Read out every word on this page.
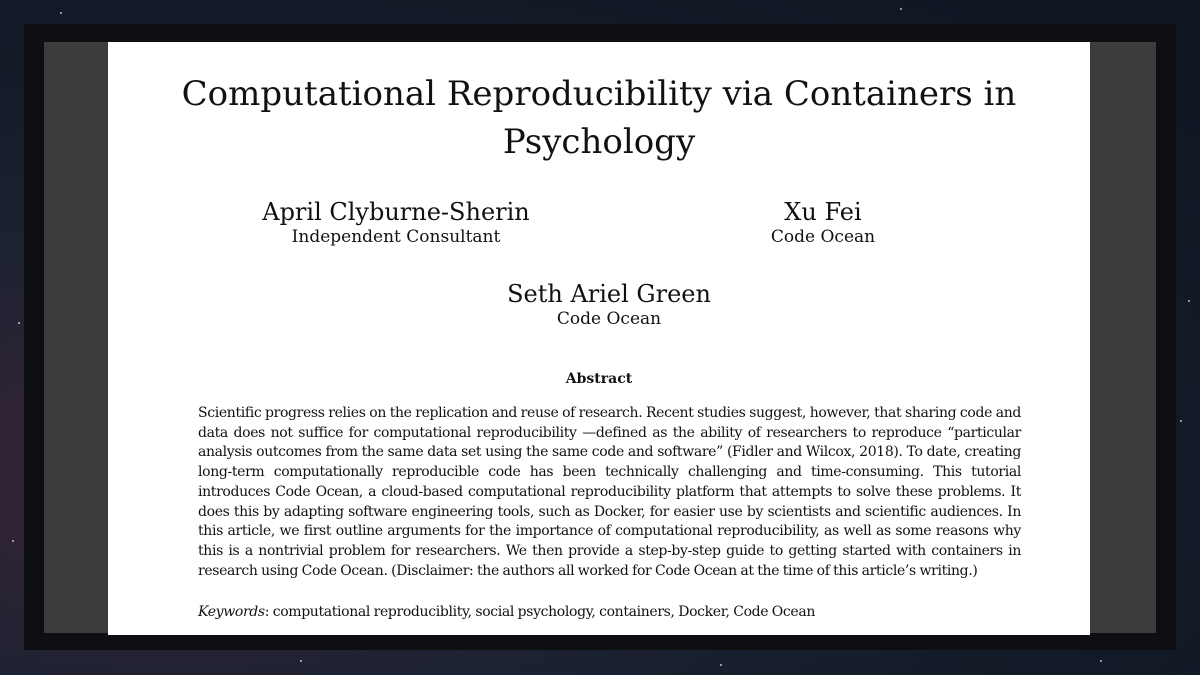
Computational Reproducibility via Containers in Psychology
April Clyburne-Sherin
Independent Consultant
Xu Fei
Code Ocean
Seth Ariel Green
Code Ocean
Abstract

Scientific progress relies on the replication and reuse of research. Recent studies suggest, however, that sharing code and data does not suffice for computational reproducibility —defined as the ability of researchers to reproduce “particular analysis outcomes from the same data set using the same code and software” (Fidler and Wilcox, 2018). To date, creating long-term computationally reproducible code has been technically challenging and time-consuming. This tutorial introduces Code Ocean, a cloud-based computational reproducibility platform that attempts to solve these problems. It does this by adapting software engineering tools, such as Docker, for easier use by scientists and scientific audiences. In this article, we first outline arguments for the importance of computational reproducibility, as well as some reasons why this is a nontrivial problem for researchers. We then provide a step-by-step guide to getting started with containers in research using Code Ocean. (Disclaimer: the authors all worked for Code Ocean at the time of this article’s writing.)

Keywords: computational reproduciblity, social psychology, containers, Docker, Code Ocean
